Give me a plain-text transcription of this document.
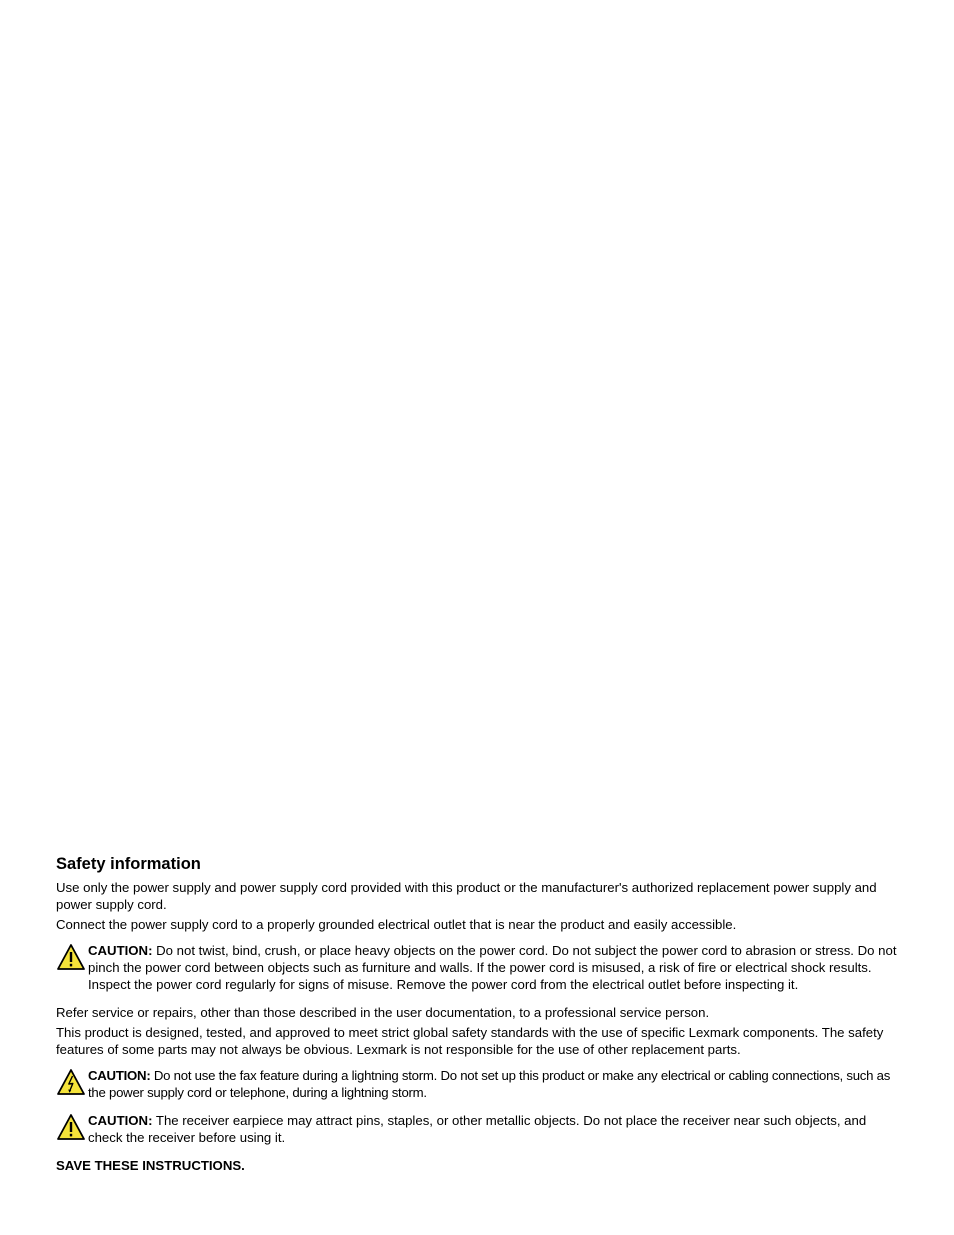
Safety information

Use only the power supply and power supply cord provided with this product or the manufacturer's authorized replacement power supply and power supply cord.

Connect the power supply cord to a properly grounded electrical outlet that is near the product and easily accessible.

CAUTION: Do not twist, bind, crush, or place heavy objects on the power cord. Do not subject the power cord to abrasion or stress. Do not pinch the power cord between objects such as furniture and walls. If the power cord is misused, a risk of fire or electrical shock results. Inspect the power cord regularly for signs of misuse. Remove the power cord from the electrical outlet before inspecting it.

Refer service or repairs, other than those described in the user documentation, to a professional service person.

This product is designed, tested, and approved to meet strict global safety standards with the use of specific Lexmark components. The safety features of some parts may not always be obvious. Lexmark is not responsible for the use of other replacement parts.

CAUTION: Do not use the fax feature during a lightning storm. Do not set up this product or make any electrical or cabling connections, such as the power supply cord or telephone, during a lightning storm.
CAUTION: The receiver earpiece may attract pins, staples, or other metallic objects. Do not place the receiver near such objects, and check the receiver before using it.
SAVE THESE INSTRUCTIONS.
